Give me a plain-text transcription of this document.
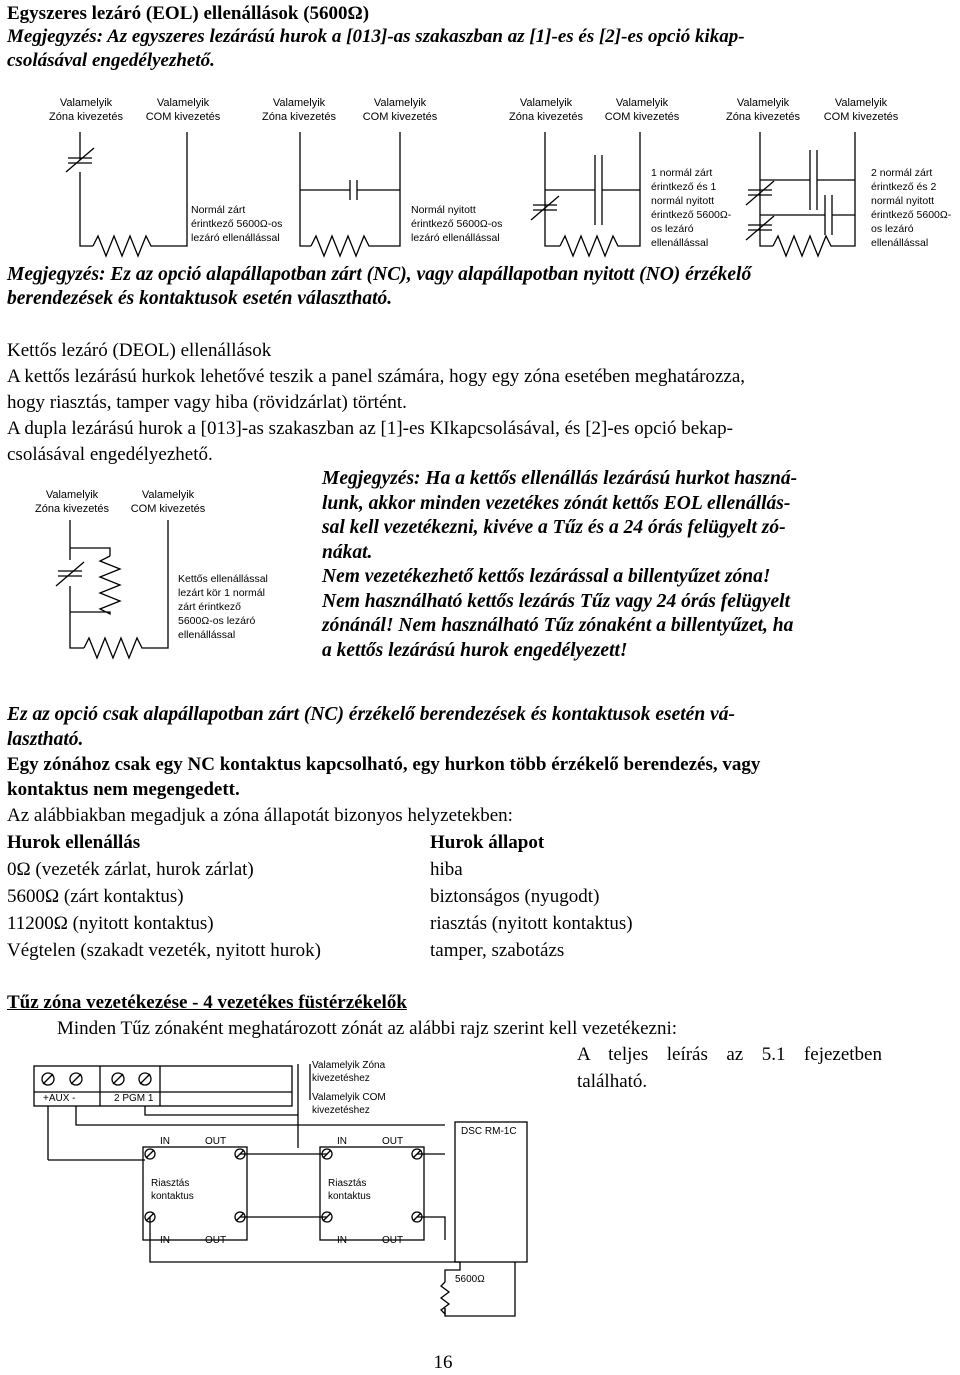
Egyszeres lezáró (EOL) ellenállások (5600Ω)
Megjegyzés: Az egyszeres lezárású hurok a [013]-as szakaszban az [1]-es és [2]-es opció kikap-
csolásával engedélyezhető.
Valamelyik
Zóna kivezetés
Valamelyik
COM kivezetés
Valamelyik
Zóna kivezetés
Valamelyik
COM kivezetés
Valamelyik
Zóna kivezetés
Valamelyik
COM kivezetés
Valamelyik
Zóna kivezetés
Valamelyik
COM kivezetés
Normál zárt
érintkező 5600Ω-os
lezáró ellenállással
Normál nyitott
érintkező 5600Ω-os
lezáró ellenállással
1 normál zárt
érintkező és 1
normál nyitott
érintkező 5600Ω-
os lezáró
ellenállással
2 normál zárt
érintkező és 2
normál nyitott
érintkező 5600Ω-
os lezáró
ellenállással
Megjegyzés: Ez az opció alapállapotban zárt (NC), vagy alapállapotban nyitott (NO) érzékelő
berendezések és kontaktusok esetén választható.
Kettős lezáró (DEOL) ellenállások
A kettős lezárású hurkok lehetővé teszik a panel számára, hogy egy zóna esetében meghatározza,
hogy riasztás, tamper vagy hiba (rövidzárlat) történt.
A dupla lezárású hurok a [013]-as szakaszban az [1]-es KIkapcsolásával, és [2]-es opció bekap-
csolásával engedélyezhető.
Valamelyik
Zóna kivezetés
Valamelyik
COM kivezetés
Kettős ellenállással
lezárt kör 1 normál
zárt érintkező
5600Ω-os lezáró
ellenállással
Megjegyzés: Ha a kettős ellenállás lezárású hurkot haszná-
lunk, akkor minden vezetékes zónát kettős EOL ellenállás-
sal kell vezetékezni, kivéve a Tűz és a 24 órás felügyelt zó-
nákat.
Nem vezetékezhető kettős lezárással a billentyűzet zóna!
Nem használható kettős lezárás Tűz vagy 24 órás felügyelt
zónánál! Nem használható Tűz zónaként a billentyűzet, ha
a kettős lezárású hurok engedélyezett!
Ez az opció csak alapállapotban zárt (NC) érzékelő berendezések és kontaktusok esetén vá-
lasztható.
Egy zónához csak egy NC kontaktus kapcsolható, egy hurkon több érzékelő berendezés, vagy
kontaktus nem megengedett.
Az alábbiakban megadjuk a zóna állapotát bizonyos helyzetekben:
Hurok ellenállás	Hurok állapot
0Ω (vezeték zárlat, hurok zárlat)	hiba
5600Ω (zárt kontaktus)	biztonságos (nyugodt)
11200Ω (nyitott kontaktus)	riasztás (nyitott kontaktus)
Végtelen (szakadt vezeték, nyitott hurok)	tamper, szabotázs
Tűz zóna vezetékezése - 4 vezetékes füstérzékelők
Minden Tűz zónaként meghatározott zónát az alábbi rajz szerint kell vezetékezni:
A teljes leírás az 5.1 fejezetben
található.
+AUX -	2 PGM 1
Valamelyik Zóna
kivezetéshez
Valamelyik COM
kivezetéshez
DSC RM-1C
IN	OUT
Riasztás
kontaktus
IN	OUT
IN	OUT
Riasztás
kontaktus
IN	OUT
5600Ω
16
